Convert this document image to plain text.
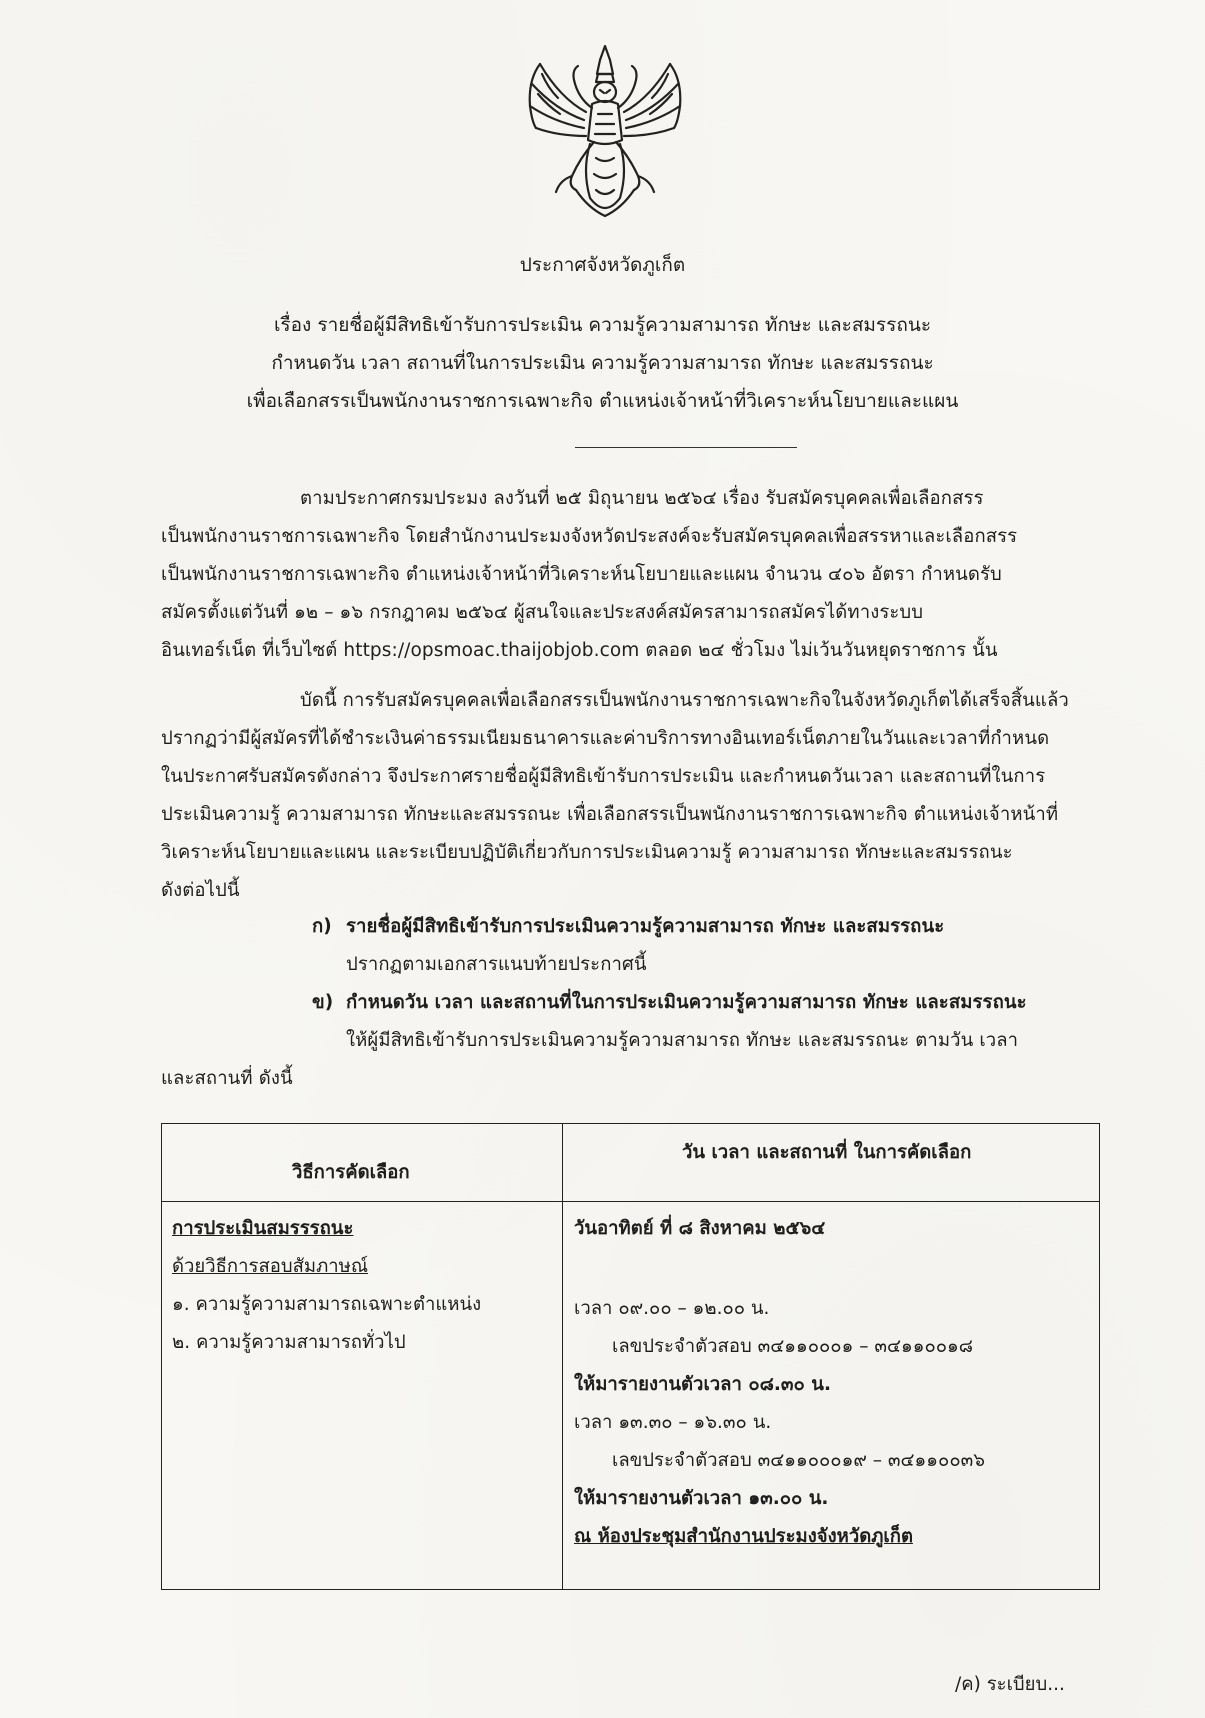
ประกาศจังหวัดภูเก็ต
เรื่อง รายชื่อผู้มีสิทธิเข้ารับการประเมิน ความรู้ความสามารถ ทักษะ และสมรรถนะ
กำหนดวัน เวลา สถานที่ในการประเมิน ความรู้ความสามารถ ทักษะ และสมรรถนะ
เพื่อเลือกสรรเป็นพนักงานราชการเฉพาะกิจ ตำแหน่งเจ้าหน้าที่วิเคราะห์นโยบายและแผน
ตามประกาศกรมประมง ลงวันที่ ๒๕ มิถุนายน ๒๕๖๔ เรื่อง รับสมัครบุคคลเพื่อเลือกสรร
เป็นพนักงานราชการเฉพาะกิจ โดยสำนักงานประมงจังหวัดประสงค์จะรับสมัครบุคคลเพื่อสรรหาและเลือกสรร
เป็นพนักงานราชการเฉพาะกิจ ตำแหน่งเจ้าหน้าที่วิเคราะห์นโยบายและแผน จำนวน ๔๐๖ อัตรา กำหนดรับ
สมัครตั้งแต่วันที่ ๑๒ – ๑๖ กรกฎาคม ๒๕๖๔ ผู้สนใจและประสงค์สมัครสามารถสมัครได้ทางระบบ
อินเทอร์เน็ต ที่เว็บไซต์ https://opsmoac.thaijobjob.com ตลอด ๒๔ ชั่วโมง ไม่เว้นวันหยุดราชการ นั้น
บัดนี้ การรับสมัครบุคคลเพื่อเลือกสรรเป็นพนักงานราชการเฉพาะกิจในจังหวัดภูเก็ตได้เสร็จสิ้นแล้ว
ปรากฏว่ามีผู้สมัครที่ได้ชำระเงินค่าธรรมเนียมธนาคารและค่าบริการทางอินเทอร์เน็ตภายในวันและเวลาที่กำหนด
ในประกาศรับสมัครดังกล่าว จึงประกาศรายชื่อผู้มีสิทธิเข้ารับการประเมิน และกำหนดวันเวลา และสถานที่ในการ
ประเมินความรู้ ความสามารถ ทักษะและสมรรถนะ เพื่อเลือกสรรเป็นพนักงานราชการเฉพาะกิจ ตำแหน่งเจ้าหน้าที่
วิเคราะห์นโยบายและแผน และระเบียบปฏิบัติเกี่ยวกับการประเมินความรู้ ความสามารถ ทักษะและสมรรถนะ
ดังต่อไปนี้
ก) รายชื่อผู้มีสิทธิเข้ารับการประเมินความรู้ความสามารถ ทักษะ และสมรรถนะ
ปรากฏตามเอกสารแนบท้ายประกาศนี้
ข) กำหนดวัน เวลา และสถานที่ในการประเมินความรู้ความสามารถ ทักษะ และสมรรถนะ
ให้ผู้มีสิทธิเข้ารับการประเมินความรู้ความสามารถ ทักษะ และสมรรถนะ ตามวัน เวลา
และสถานที่ ดังนี้
วิธีการคัดเลือก
วัน เวลา และสถานที่ ในการคัดเลือก
การประเมินสมรรรถนะ
ด้วยวิธีการสอบสัมภาษณ์
๑. ความรู้ความสามารถเฉพาะตำแหน่ง
๒. ความรู้ความสามารถทั่วไป
วันอาทิตย์ ที่ ๘ สิงหาคม ๒๕๖๔
เวลา ๐๙.๐๐ – ๑๒.๐๐ น.
เลขประจำตัวสอบ ๓๔๑๑๐๐๐๑ – ๓๔๑๑๐๐๑๘
ให้มารายงานตัวเวลา ๐๘.๓๐ น.
เวลา ๑๓.๓๐ – ๑๖.๓๐ น.
เลขประจำตัวสอบ ๓๔๑๑๐๐๐๑๙ – ๓๔๑๑๐๐๓๖
ให้มารายงานตัวเวลา ๑๓.๐๐ น.
ณ ห้องประชุมสำนักงานประมงจังหวัดภูเก็ต
/ค) ระเบียบ...
